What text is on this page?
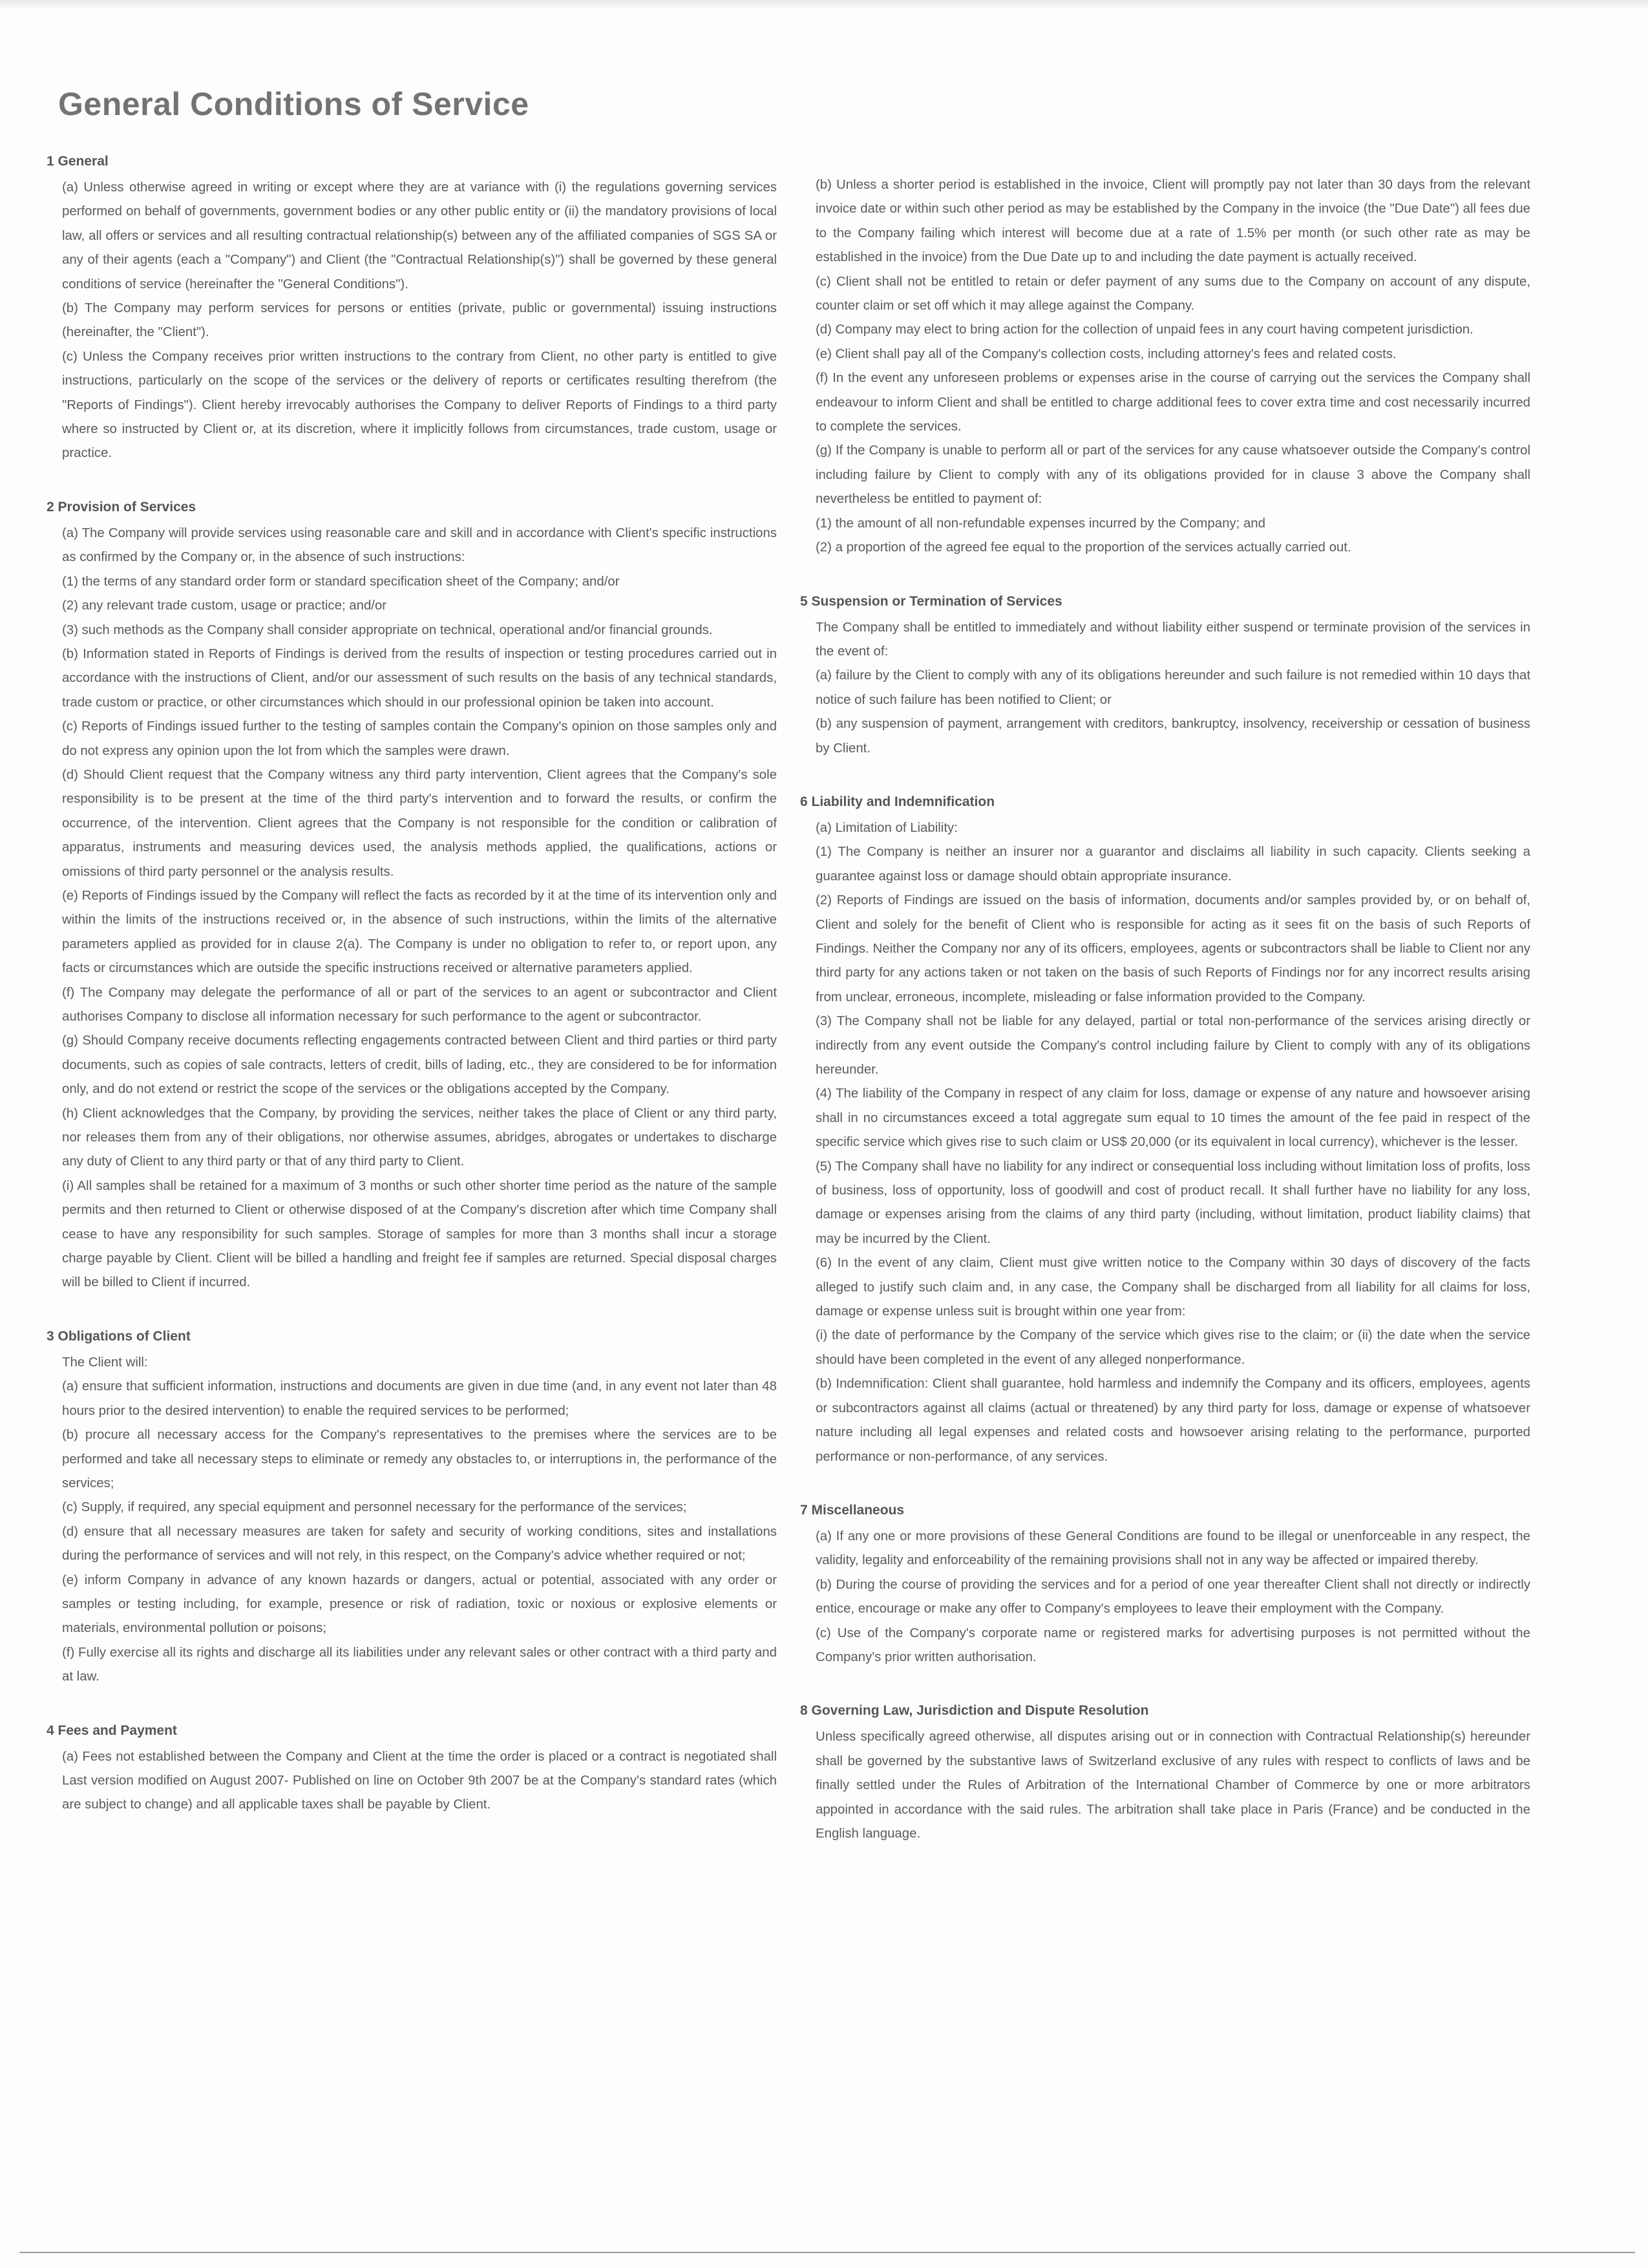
General Conditions of Service
1 General

(a) Unless otherwise agreed in writing or except where they are at variance with (i) the regulations governing services performed on behalf of governments, government bodies or any other public entity or (ii) the mandatory provisions of local law, all offers or services and all resulting contractual relationship(s) between any of the affiliated companies of SGS SA or any of their agents (each a "Company") and Client (the "Contractual Relationship(s)") shall be governed by these general conditions of service (hereinafter the "General Conditions").

(b) The Company may perform services for persons or entities (private, public or governmental) issuing instructions (hereinafter, the "Client").

(c) Unless the Company receives prior written instructions to the contrary from Client, no other party is entitled to give instructions, particularly on the scope of the services or the delivery of reports or certificates resulting therefrom (the "Reports of Findings"). Client hereby irrevocably authorises the Company to deliver Reports of Findings to a third party where so instructed by Client or, at its discretion, where it implicitly follows from circumstances, trade custom, usage or practice.

2 Provision of Services

(a) The Company will provide services using reasonable care and skill and in accordance with Client's specific instructions as confirmed by the Company or, in the absence of such instructions:

(1) the terms of any standard order form or standard specification sheet of the Company; and/or

(2) any relevant trade custom, usage or practice; and/or

(3) such methods as the Company shall consider appropriate on technical, operational and/or financial grounds.

(b) Information stated in Reports of Findings is derived from the results of inspection or testing procedures carried out in accordance with the instructions of Client, and/or our assessment of such results on the basis of any technical standards, trade custom or practice, or other circumstances which should in our professional opinion be taken into account.

(c) Reports of Findings issued further to the testing of samples contain the Company's opinion on those samples only and do not express any opinion upon the lot from which the samples were drawn.

(d) Should Client request that the Company witness any third party intervention, Client agrees that the Company's sole responsibility is to be present at the time of the third party's intervention and to forward the results, or confirm the occurrence, of the intervention. Client agrees that the Company is not responsible for the condition or calibration of apparatus, instruments and measuring devices used, the analysis methods applied, the qualifications, actions or omissions of third party personnel or the analysis results.

(e) Reports of Findings issued by the Company will reflect the facts as recorded by it at the time of its intervention only and within the limits of the instructions received or, in the absence of such instructions, within the limits of the alternative parameters applied as provided for in clause 2(a). The Company is under no obligation to refer to, or report upon, any facts or circumstances which are outside the specific instructions received or alternative parameters applied.

(f) The Company may delegate the performance of all or part of the services to an agent or subcontractor and Client authorises Company to disclose all information necessary for such performance to the agent or subcontractor.

(g) Should Company receive documents reflecting engagements contracted between Client and third parties or third party documents, such as copies of sale contracts, letters of credit, bills of lading, etc., they are considered to be for information only, and do not extend or restrict the scope of the services or the obligations accepted by the Company.

(h) Client acknowledges that the Company, by providing the services, neither takes the place of Client or any third party, nor releases them from any of their obligations, nor otherwise assumes, abridges, abrogates or undertakes to discharge any duty of Client to any third party or that of any third party to Client.

(i) All samples shall be retained for a maximum of 3 months or such other shorter time period as the nature of the sample permits and then returned to Client or otherwise disposed of at the Company's discretion after which time Company shall cease to have any responsibility for such samples. Storage of samples for more than 3 months shall incur a storage charge payable by Client. Client will be billed a handling and freight fee if samples are returned. Special disposal charges will be billed to Client if incurred.

3 Obligations of Client

The Client will:

(a) ensure that sufficient information, instructions and documents are given in due time (and, in any event not later than 48 hours prior to the desired intervention) to enable the required services to be performed;

(b) procure all necessary access for the Company's representatives to the premises where the services are to be performed and take all necessary steps to eliminate or remedy any obstacles to, or interruptions in, the performance of the services;

(c) Supply, if required, any special equipment and personnel necessary for the performance of the services;

(d) ensure that all necessary measures are taken for safety and security of working conditions, sites and installations during the performance of services and will not rely, in this respect, on the Company's advice whether required or not;

(e) inform Company in advance of any known hazards or dangers, actual or potential, associated with any order or samples or testing including, for example, presence or risk of radiation, toxic or noxious or explosive elements or materials, environmental pollution or poisons;

(f) Fully exercise all its rights and discharge all its liabilities under any relevant sales or other contract with a third party and at law.

4 Fees and Payment

(a) Fees not established between the Company and Client at the time the order is placed or a contract is negotiated shall Last version modified on August 2007- Published on line on October 9th 2007 be at the Company's standard rates (which are subject to change) and all applicable taxes shall be payable by Client.

(b) Unless a shorter period is established in the invoice, Client will promptly pay not later than 30 days from the relevant invoice date or within such other period as may be established by the Company in the invoice (the "Due Date") all fees due to the Company failing which interest will become due at a rate of 1.5% per month (or such other rate as may be established in the invoice) from the Due Date up to and including the date payment is actually received.

(c) Client shall not be entitled to retain or defer payment of any sums due to the Company on account of any dispute, counter claim or set off which it may allege against the Company.

(d) Company may elect to bring action for the collection of unpaid fees in any court having competent jurisdiction.

(e) Client shall pay all of the Company's collection costs, including attorney's fees and related costs.

(f) In the event any unforeseen problems or expenses arise in the course of carrying out the services the Company shall endeavour to inform Client and shall be entitled to charge additional fees to cover extra time and cost necessarily incurred to complete the services.

(g) If the Company is unable to perform all or part of the services for any cause whatsoever outside the Company's control including failure by Client to comply with any of its obligations provided for in clause 3 above the Company shall nevertheless be entitled to payment of:

(1) the amount of all non-refundable expenses incurred by the Company; and

(2) a proportion of the agreed fee equal to the proportion of the services actually carried out.

5 Suspension or Termination of Services

The Company shall be entitled to immediately and without liability either suspend or terminate provision of the services in the event of:

(a) failure by the Client to comply with any of its obligations hereunder and such failure is not remedied within 10 days that notice of such failure has been notified to Client; or

(b) any suspension of payment, arrangement with creditors, bankruptcy, insolvency, receivership or cessation of business by Client.

6 Liability and Indemnification

(a) Limitation of Liability:

(1) The Company is neither an insurer nor a guarantor and disclaims all liability in such capacity. Clients seeking a guarantee against loss or damage should obtain appropriate insurance.

(2) Reports of Findings are issued on the basis of information, documents and/or samples provided by, or on behalf of, Client and solely for the benefit of Client who is responsible for acting as it sees fit on the basis of such Reports of Findings. Neither the Company nor any of its officers, employees, agents or subcontractors shall be liable to Client nor any third party for any actions taken or not taken on the basis of such Reports of Findings nor for any incorrect results arising from unclear, erroneous, incomplete, misleading or false information provided to the Company.

(3) The Company shall not be liable for any delayed, partial or total non-performance of the services arising directly or indirectly from any event outside the Company's control including failure by Client to comply with any of its obligations hereunder.

(4) The liability of the Company in respect of any claim for loss, damage or expense of any nature and howsoever arising shall in no circumstances exceed a total aggregate sum equal to 10 times the amount of the fee paid in respect of the specific service which gives rise to such claim or US$ 20,000 (or its equivalent in local currency), whichever is the lesser.

(5) The Company shall have no liability for any indirect or consequential loss including without limitation loss of profits, loss of business, loss of opportunity, loss of goodwill and cost of product recall. It shall further have no liability for any loss, damage or expenses arising from the claims of any third party (including, without limitation, product liability claims) that may be incurred by the Client.

(6) In the event of any claim, Client must give written notice to the Company within 30 days of discovery of the facts alleged to justify such claim and, in any case, the Company shall be discharged from all liability for all claims for loss, damage or expense unless suit is brought within one year from:

(i) the date of performance by the Company of the service which gives rise to the claim; or (ii) the date when the service should have been completed in the event of any alleged nonperformance.

(b) Indemnification: Client shall guarantee, hold harmless and indemnify the Company and its officers, employees, agents or subcontractors against all claims (actual or threatened) by any third party for loss, damage or expense of whatsoever nature including all legal expenses and related costs and howsoever arising relating to the performance, purported performance or non-performance, of any services.

7 Miscellaneous

(a) If any one or more provisions of these General Conditions are found to be illegal or unenforceable in any respect, the validity, legality and enforceability of the remaining provisions shall not in any way be affected or impaired thereby.

(b) During the course of providing the services and for a period of one year thereafter Client shall not directly or indirectly entice, encourage or make any offer to Company's employees to leave their employment with the Company.

(c) Use of the Company's corporate name or registered marks for advertising purposes is not permitted without the Company's prior written authorisation.

8 Governing Law, Jurisdiction and Dispute Resolution

Unless specifically agreed otherwise, all disputes arising out or in connection with Contractual Relationship(s) hereunder shall be governed by the substantive laws of Switzerland exclusive of any rules with respect to conflicts of laws and be finally settled under the Rules of Arbitration of the International Chamber of Commerce by one or more arbitrators appointed in accordance with the said rules. The arbitration shall take place in Paris (France) and be conducted in the English language.
